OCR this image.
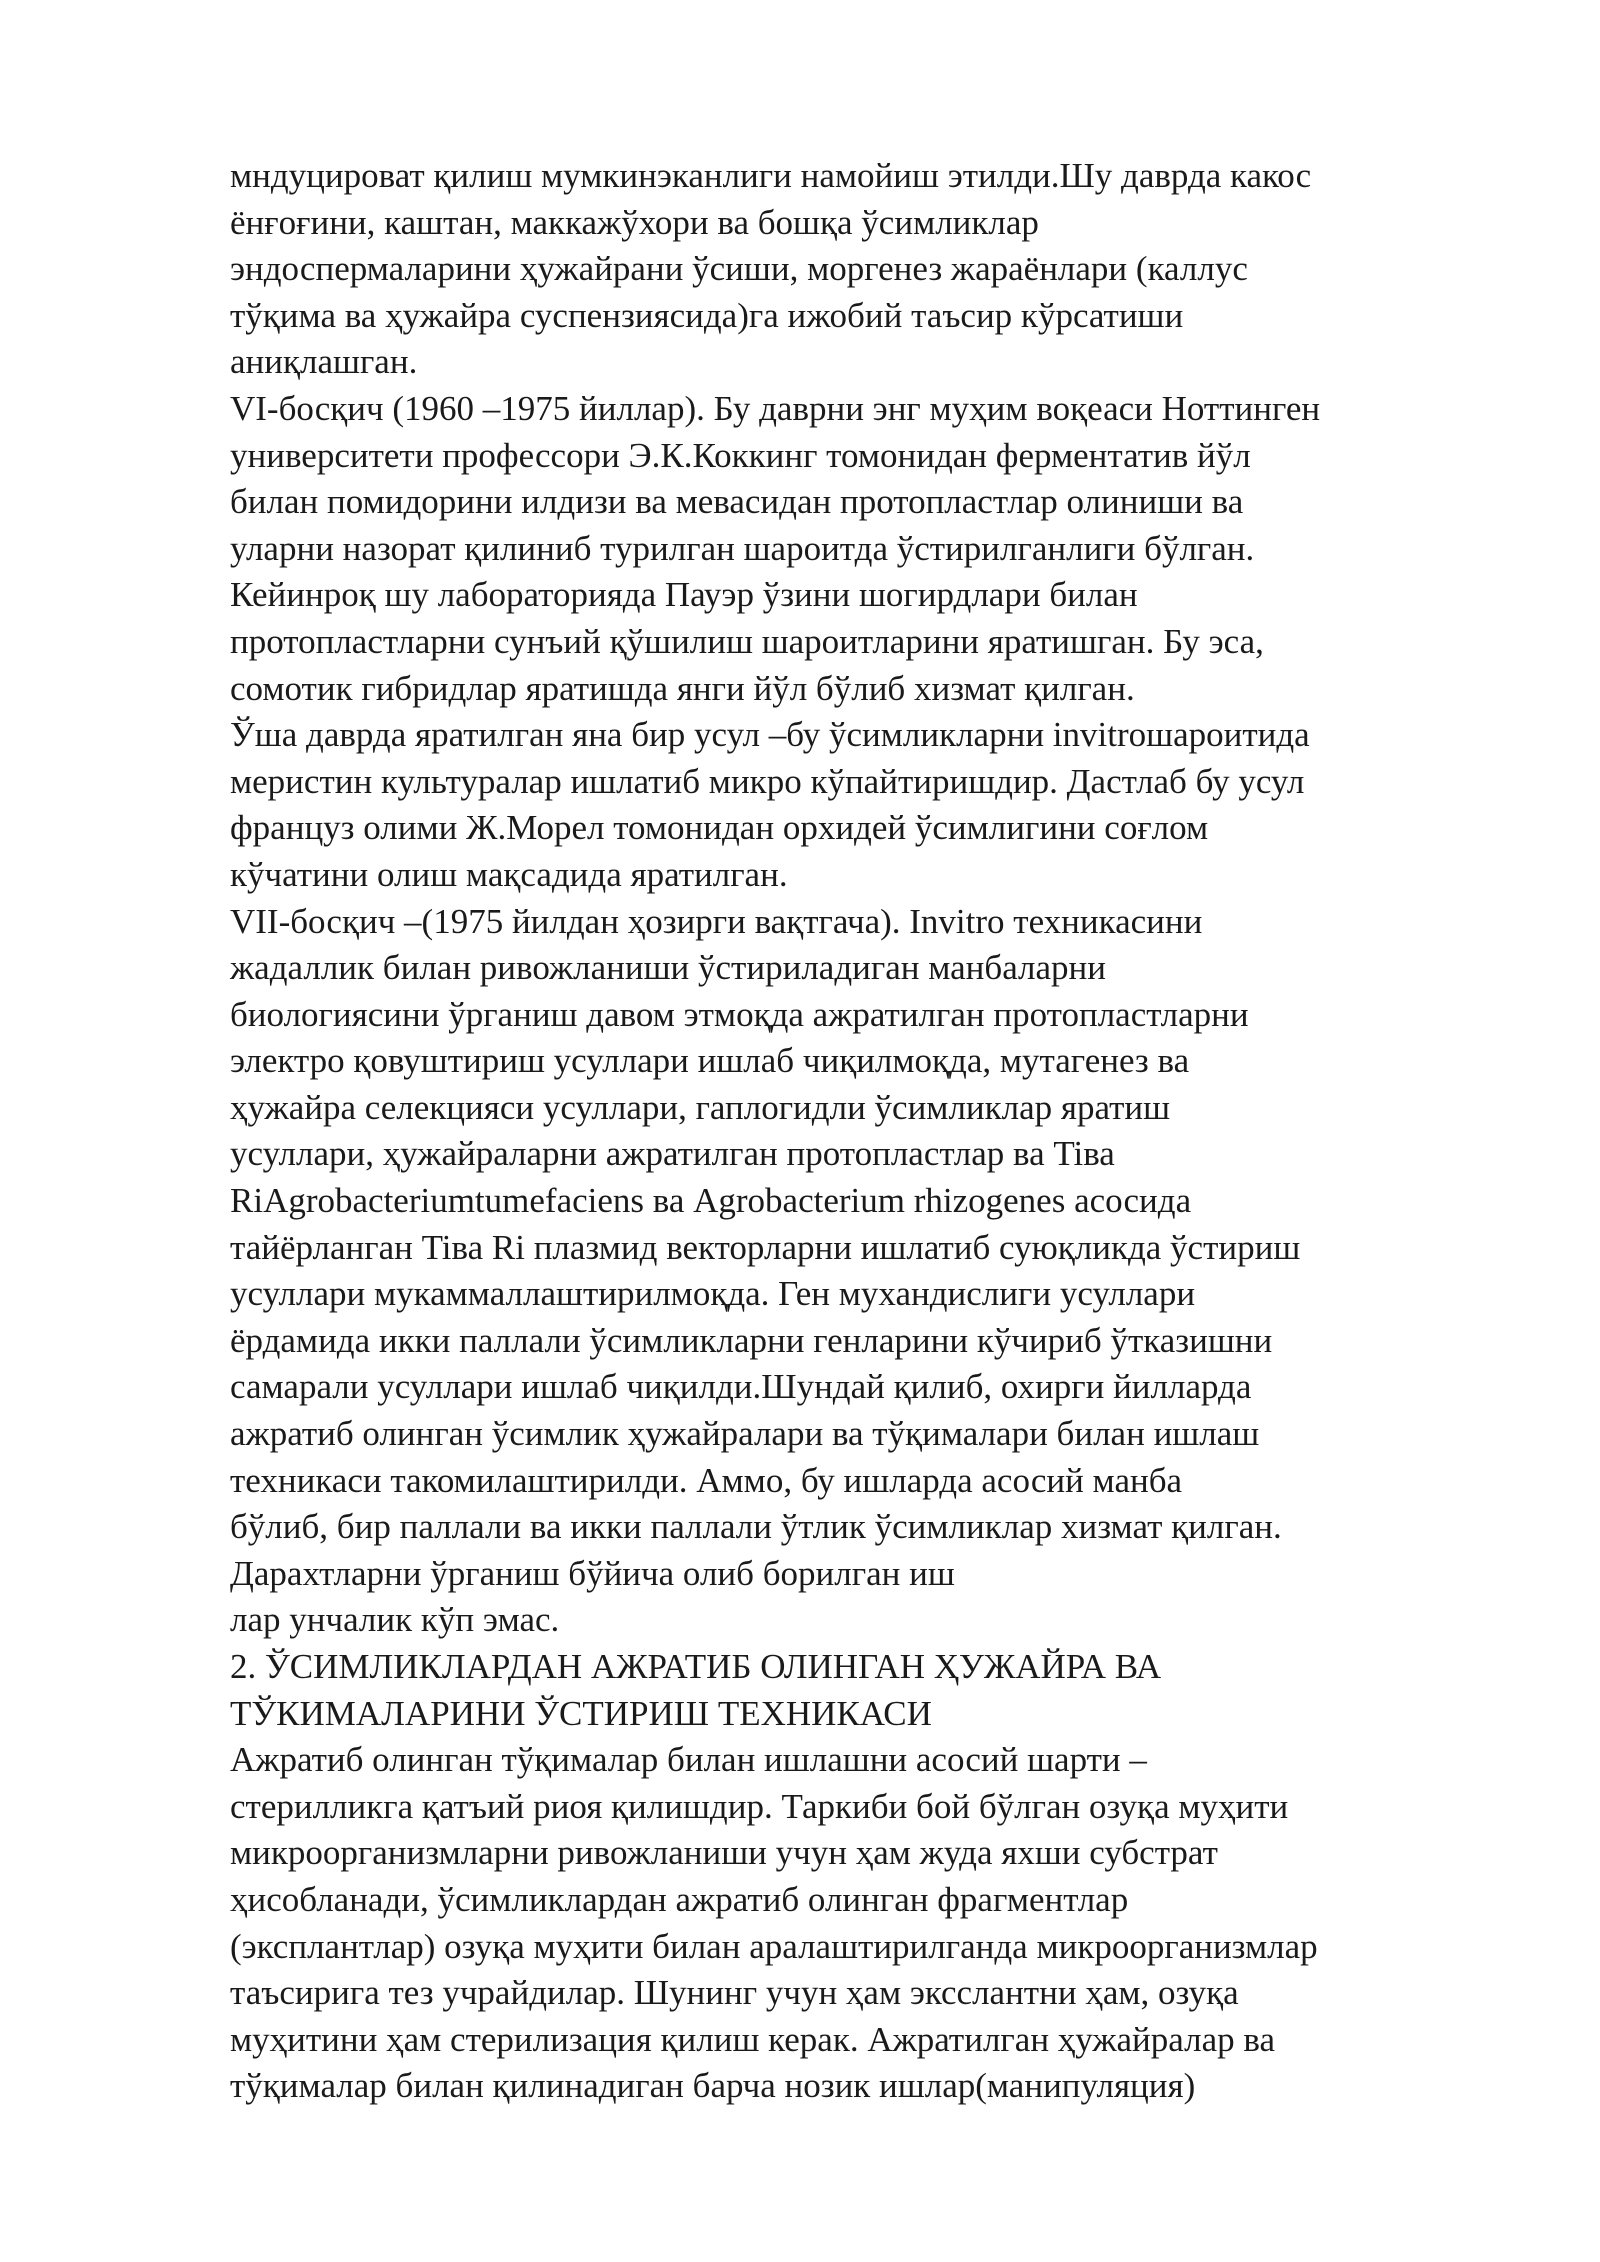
мндуцироват қилиш мумкинэканлиги намойиш этилди.Шу даврда какос
ёнғоғини, каштан, маккажўхори ва бошқа ўсимликлар
эндоспермаларини ҳужайрани ўсиши, моргенез жараёнлари (каллус
тўқима ва ҳужайра суспензиясида)га ижобий таъсир кўрсатиши
аниқлашган.
VI-босқич (1960 –1975 йиллар). Бу даврни энг муҳим воқеаси Ноттинген
университети профессори Э.К.Коккинг томонидан ферментатив йўл
билан помидорини илдизи ва мевасидан протопластлар олиниши ва
уларни назорат қилиниб турилган шароитда ўстирилганлиги бўлган.
Кейинроқ шу лабораторияда Пауэр ўзини шогирдлари билан
протопластларни сунъий қўшилиш шароитларини яратишган. Бу эса,
сомотик гибридлар яратишда янги йўл бўлиб хизмат қилган.
Ўша даврда яратилган яна бир усул –бу ўсимликларни invitroшароитида
меристин культуралар ишлатиб микро кўпайтиришдир. Дастлаб бу усул
француз олими Ж.Морел томонидан орхидей ўсимлигини соғлом
кўчатини олиш мақсадида яратилган.
VII-босқич –(1975 йилдан ҳозирги вақтгача). Invitro техникасини
жадаллик билан ривожланиши ўстириладиган манбаларни
биологиясини ўрганиш давом этмоқда ажратилган протопластларни
электро қовуштириш усуллари ишлаб чиқилмоқда, мутагенез ва
ҳужайра селекцияси усуллари, гаплогидли ўсимликлар яратиш
усуллари, ҳужайраларни ажратилган протопластлар ва Tiва
RiAgrobacteriumtumefaciens ва Agrobacterium rhizogenes асосида
тайёрланган Tiва Ri плазмид векторларни ишлатиб суюқликда ўстириш
усуллари мукаммаллаштирилмоқда. Ген мухандислиги усуллари
ёрдамида икки паллали ўсимликларни генларини кўчириб ўтказишни
самарали усуллари ишлаб чиқилди.Шундай қилиб, охирги йилларда
ажратиб олинган ўсимлик ҳужайралари ва тўқималари билан ишлаш
техникаси такомилаштирилди. Аммо, бу ишларда асосий манба
бўлиб, бир паллали ва икки паллали ўтлик ўсимликлар хизмат қилган.
Дарахтларни ўрганиш бўйича олиб борилган иш
лар унчалик кўп эмас.
2. ЎСИМЛИКЛАРДАН АЖРАТИБ ОЛИНГАН ҲУЖАЙРА ВА
ТЎКИМАЛАРИНИ ЎСТИРИШ ТЕХНИКАСИ
Ажратиб олинган тўқималар билан ишлашни асосий шарти –
стерилликга қатъий риоя қилишдир. Таркиби бой бўлган озуқа муҳити
микроорганизмларни ривожланиши учун ҳам жуда яхши субстрат
ҳисобланади, ўсимликлардан ажратиб олинган фрагментлар
(эксплантлар) озуқа муҳити билан аралаштирилганда микроорганизмлар
таъсирига тез учрайдилар. Шунинг учун ҳам эксслантни ҳам, озуқа
муҳитини ҳам стерилизация қилиш керак. Ажратилган ҳужайралар ва
тўқималар билан қилинадиган барча нозик ишлар(манипуляция)
